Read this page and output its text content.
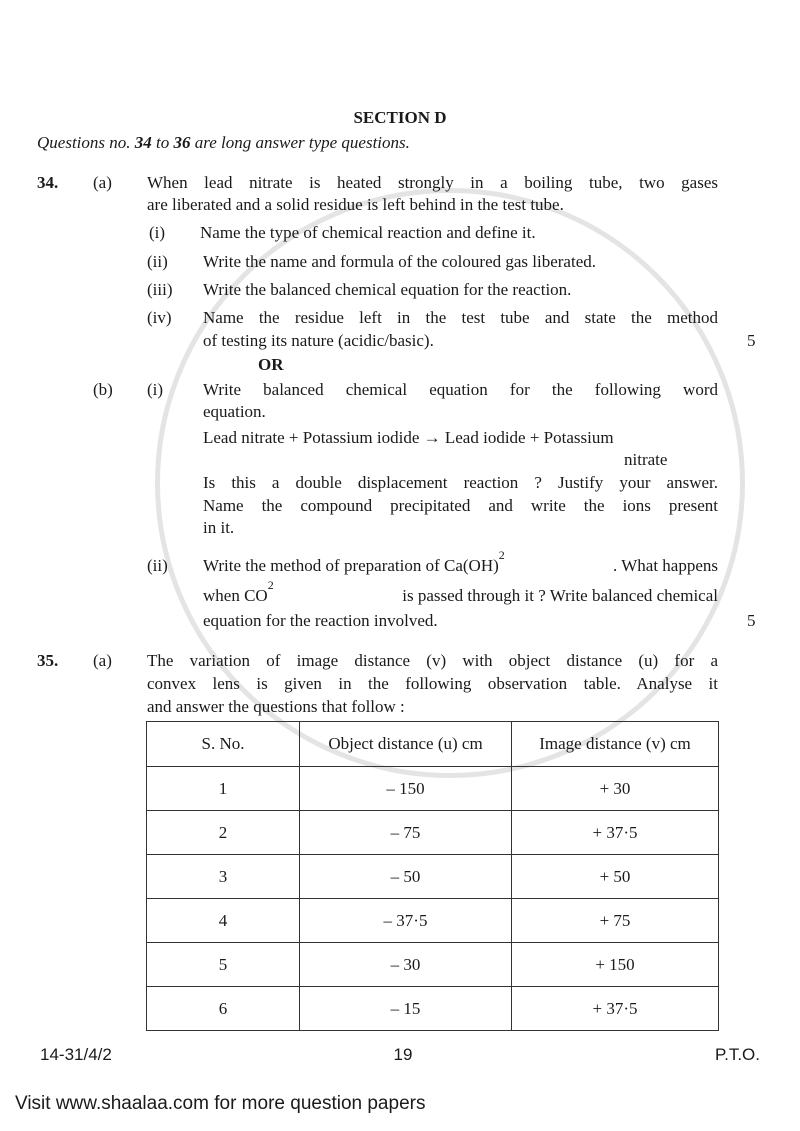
SECTION D
Questions no. 34 to 36 are long answer type questions.
34. (a) When lead nitrate is heated strongly in a boiling tube, two gases
are liberated and a solid residue is left behind in the test tube.
(i) Name the type of chemical reaction and define it.
(ii) Write the name and formula of the coloured gas liberated.
(iii) Write the balanced chemical equation for the reaction.
(iv) Name the residue left in the test tube and state the method
of testing its nature (acidic/basic).	5
OR
(b) (i) Write balanced chemical equation for the following word
equation.
Lead nitrate + Potassium iodide → Lead iodide + Potassium
nitrate
Is this a double displacement reaction ? Justify your answer.
Name the compound precipitated and write the ions present
in it.
(ii) Write the method of preparation of Ca(OH)
2
. What happens
when CO
2
is passed through it ? Write balanced chemical
equation for the reaction involved.	5
35. (a) The variation of image distance (v) with object distance (u) for a
convex lens is given in the following observation table. Analyse it
and answer the questions that follow :
S. No.	Object distance (u) cm	Image distance (v) cm
1	– 150	+ 30
2	– 75	+ 37·5
3	– 50	+ 50
4	– 37·5	+ 75
5	– 30	+ 150
6	– 15	+ 37·5
14-31/4/2	19	P.T.O.
Visit www.shaalaa.com for more question papers
